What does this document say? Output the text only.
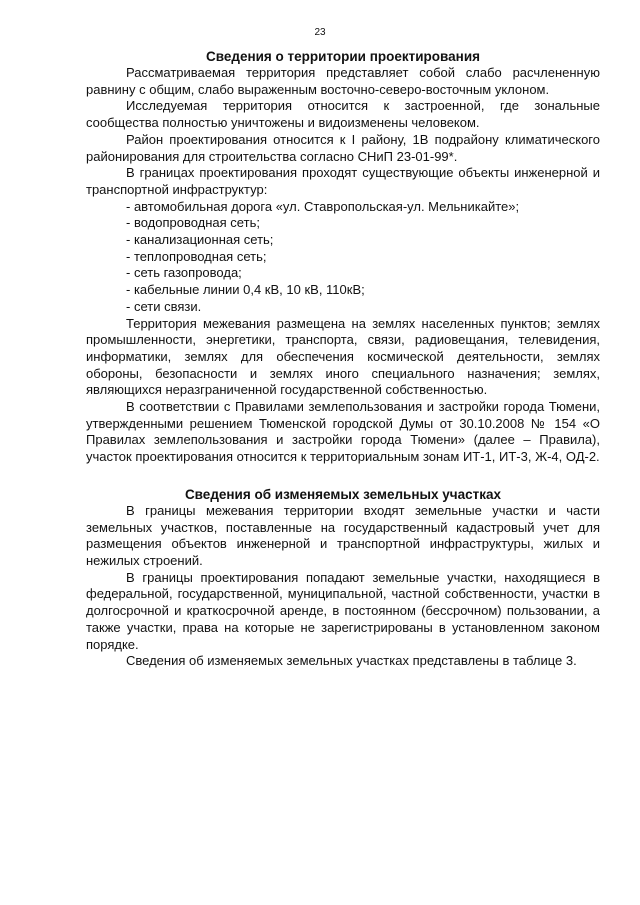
23
Сведения о территории проектирования

Рассматриваемая территория представляет собой слабо расчлененную равнину с общим, слабо выраженным восточно-северо-восточным уклоном.

Исследуемая территория относится к застроенной, где зональные сообщества полностью уничтожены и видоизменены человеком.

Район проектирования относится к I району, 1В подрайону климатического районирования для строительства согласно СНиП 23-01-99*.

В границах проектирования проходят существующие объекты инженерной и транспортной инфраструктур:

- автомобильная дорога «ул. Ставропольская-ул. Мельникайте»;
- водопроводная сеть;
- канализационная сеть;
- теплопроводная сеть;
- сеть газопровода;
- кабельные линии 0,4 кВ, 10 кВ, 110кВ;
- сети связи.

Территория межевания размещена на землях населенных пунктов; землях промышленности, энергетики, транспорта, связи, радиовещания, телевидения, информатики, землях для обеспечения космической деятельности, землях обороны, безопасности и землях иного специального назначения; землях, являющихся неразграниченной государственной собственностью.

В соответствии с Правилами землепользования и застройки города Тюмени, утвержденными решением Тюменской городской Думы от 30.10.2008 № 154 «О Правилах землепользования и застройки города Тюмени» (далее – Правила), участок проектирования относится к территориальным зонам ИТ-1, ИТ-3, Ж-4, ОД-2.

Сведения об изменяемых земельных участках

В границы межевания территории входят земельные участки и части земельных участков, поставленные на государственный кадастровый учет для размещения объектов инженерной и транспортной инфраструктуры, жилых и нежилых строений.

В границы проектирования попадают земельные участки, находящиеся в федеральной, государственной, муниципальной, частной собственности, участки в долгосрочной и краткосрочной аренде, в постоянном (бессрочном) пользовании, а также участки, права на которые не зарегистрированы в установленном законом порядке.

Сведения об изменяемых земельных участках представлены в таблице 3.
